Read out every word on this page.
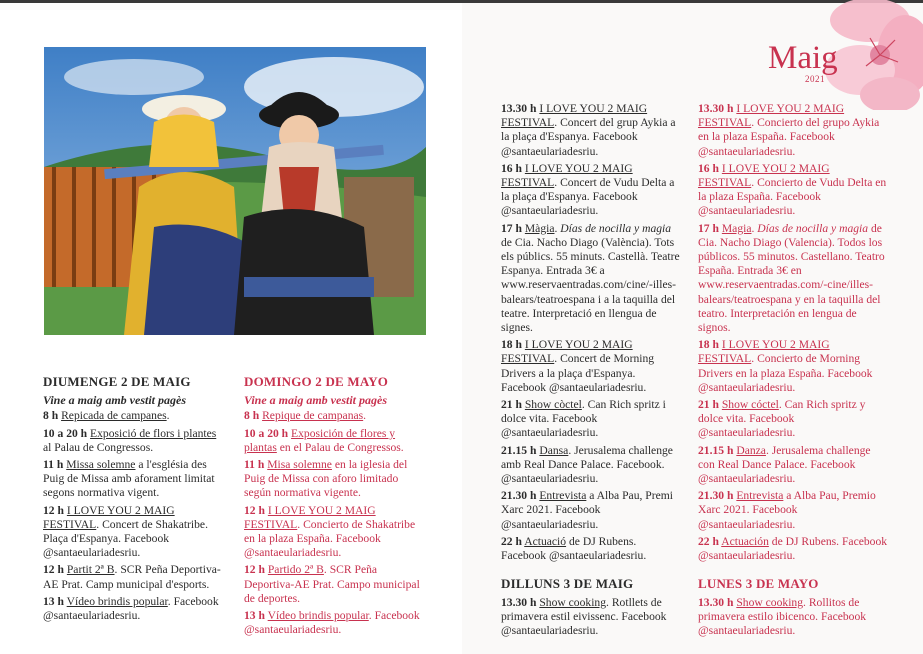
DIUMENGE 2 DE MAIG
Vine a maig amb vestit pagès

8 h Repicada de campanes.

10 a 20 h Exposició de flors i plantes al Palau de Congressos.

11 h Missa solemne a l'església des Puig de Missa amb aforament limitat segons normativa vigent.

12 h I LOVE YOU 2 MAIG FESTIVAL. Concert de Shakatribe. Plaça d'Espanya. Facebook @santaeulariadesriu.

12 h Partit 2ª B. SCR Peña Deportiva-AE Prat. Camp municipal d'esports.

13 h Vídeo brindis popular. Facebook @santaeulariadesriu.

DOMINGO 2 DE MAYO
Vine a maig amb vestit pagès

8 h Repique de campanas.

10 a 20 h Exposición de flores y plantas en el Palau de Congressos.

11 h Misa solemne en la iglesia del Puig de Missa con aforo limitado según normativa vigente.

12 h I LOVE YOU 2 MAIG FESTIVAL. Concierto de Shakatribe en la plaza España. Facebook @santaeulariadesriu.

12 h Partido 2ª B. SCR Peña Deportiva-AE Prat. Campo municipal de deportes.

13 h Vídeo brindis popular. Facebook @santaeulariadesriu.

13.30 h I LOVE YOU 2 MAIG FESTIVAL. Concert del grup Aykia a la plaça d'Espanya. Facebook @santaeulariadesriu.

16 h I LOVE YOU 2 MAIG FESTIVAL. Concert de Vudu Delta a la plaça d'Espanya. Facebook @santaeulariadesriu.

17 h Màgia. Días de nocilla y magia de Cia. Nacho Diago (València). Tots els públics. 55 minuts. Castellà. Teatre Espanya. Entrada 3€ a www.reservaentradas.com/cine/-illes-balears/teatroespana i a la taquilla del teatre. Interpretació en llengua de signes.

18 h I LOVE YOU 2 MAIG FESTIVAL. Concert de Morning Drivers a la plaça d'Espanya. Facebook @santaeulariadesriu.

21 h Show còctel. Can Rich spritz i dolce vita. Facebook @santaeulariadesriu.

21.15 h Dansa. Jerusalema challenge amb Real Dance Palace. Facebook. @santaeulariadesriu.

21.30 h Entrevista a Alba Pau, Premi Xarc 2021. Facebook @santaeulariadesriu.

22 h Actuació de DJ Rubens. Facebook @santaeulariadesriu.

DILLUNS 3 DE MAIG

13.30 h Show cooking. Rotllets de primavera estil eivissenc. Facebook @santaeulariadesriu.

13.30 h I LOVE YOU 2 MAIG FESTIVAL. Concierto del grupo Aykia en la plaza España. Facebook @santaeulariadesriu.

16 h I LOVE YOU 2 MAIG FESTIVAL. Concierto de Vudu Delta en la plaza España. Facebook @santaeulariadesriu.

17 h Magia. Días de nocilla y magia de Cia. Nacho Diago (Valencia). Todos los públicos. 55 minutos. Castellano. Teatro España. Entrada 3€ en www.reservaentradas.com/-cine/illes-balears/teatroespana y en la taquilla del teatro. Interpretación en lengua de signos.

18 h I LOVE YOU 2 MAIG FESTIVAL. Concierto de Morning Drivers en la plaza España. Facebook @santaeulariadesriu.

21 h Show cóctel. Can Rich spritz y dolce vita. Facebook @santaeulariadesriu.

21.15 h Danza. Jerusalema challenge con Real Dance Palace. Facebook @santaeulariadesriu.

21.30 h Entrevista a Alba Pau, Premio Xarc 2021. Facebook @santaeulariadesriu.

22 h Actuación de DJ Rubens. Facebook @santaeulariadesriu.

LUNES 3 DE MAYO

13.30 h Show cooking. Rollitos de primavera estilo ibicenco. Facebook @santaeulariadesriu.

Maig
2021
